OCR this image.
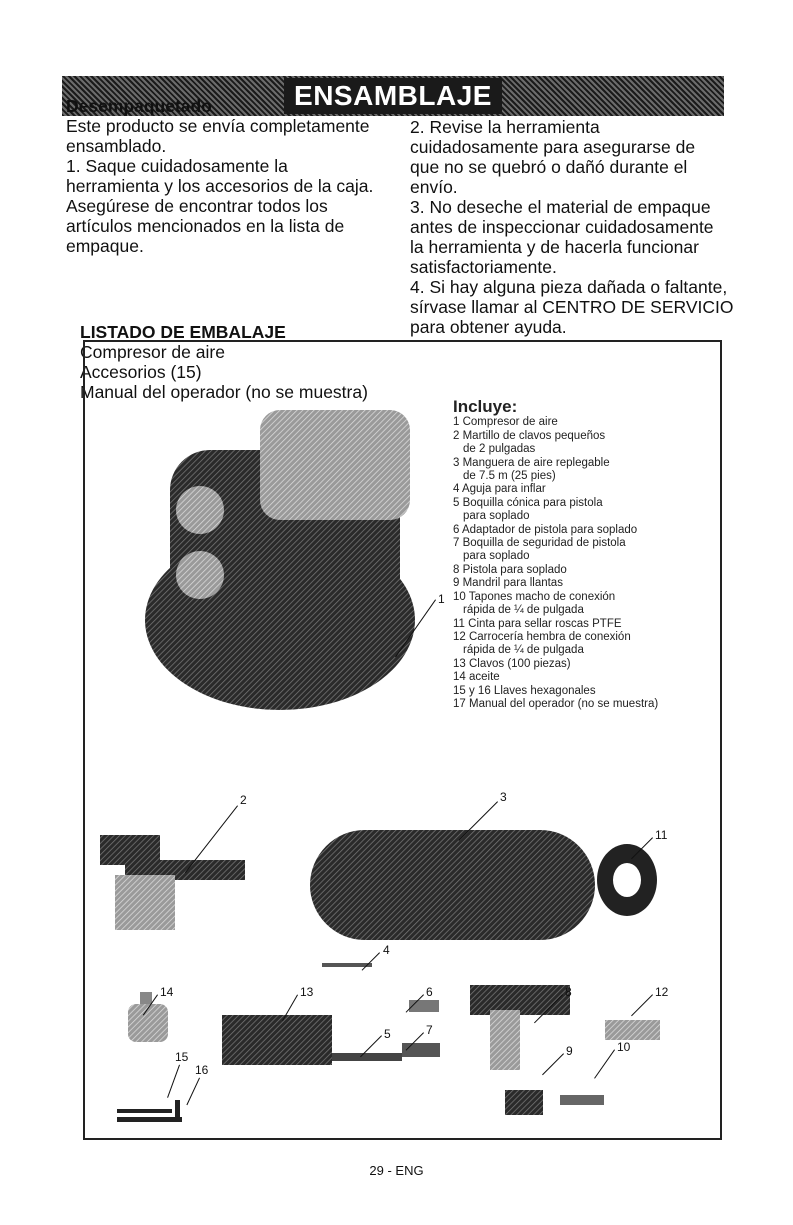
ENSAMBLAJE

Desempaquetado

Este producto se envía completamente

ensamblado.

1. Saque cuidadosamente la

herramienta y los accesorios de la caja.

Asegúrese de encontrar todos los

artículos mencionados en la lista de

empaque.

2. Revise la herramienta

cuidadosamente para asegurarse de

que no se quebró o dañó durante el

envío.

3. No deseche el material de empaque

antes de inspeccionar cuidadosamente

la herramienta y de hacerla funcionar

satisfactoriamente.

4. Si hay alguna pieza dañada o faltante,

sírvase llamar al CENTRO DE SERVICIO

para obtener ayuda.

LISTADO DE EMBALAJE

Compresor de aire

Accesorios (15)

Manual del operador (no se muestra)

1
2	3
4
5
6
7
8
9	10
11
12
13
14
15
16
Incluye:

1 Compresor de aire

2 Martillo de clavos pequeños

de 2 pulgadas

3 Manguera de aire replegable

de 7.5 m (25 pies)

4 Aguja para inflar

5 Boquilla cónica para pistola

para soplado

6 Adaptador de pistola para soplado

7 Boquilla de seguridad de pistola

para soplado

8 Pistola para soplado

9 Mandril para llantas

10 Tapones macho de conexión

rápida de ¼ de pulgada

11 Cinta para sellar roscas PTFE

12 Carrocería hembra de conexión

rápida de ¼ de pulgada

13 Clavos (100 piezas)

14 aceite

15 y 16 Llaves hexagonales

17 Manual del operador (no se muestra)

29 - ENG
